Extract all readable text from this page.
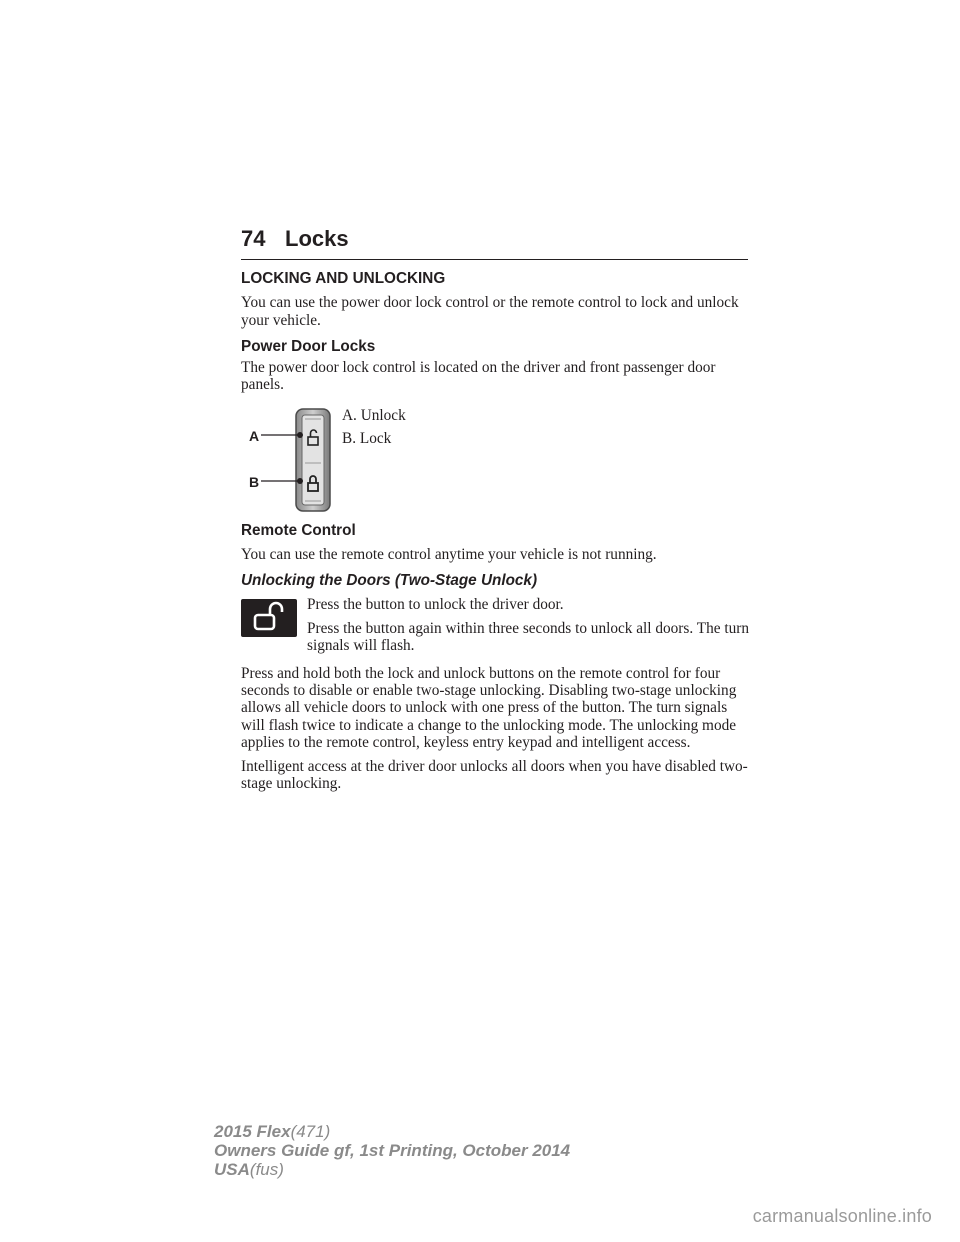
74 Locks
LOCKING AND UNLOCKING

You can use the power door lock control or the remote control to lock and unlock your vehicle.

Power Door Locks

The power door lock control is located on the driver and front passenger door panels.

A
B

A. Unlock

B. Lock

Remote Control

You can use the remote control anytime your vehicle is not running.

Unlocking the Doors (Two-Stage Unlock)

Press the button to unlock the driver door.

Press the button again within three seconds to unlock all doors. The turn signals will flash.

Press and hold both the lock and unlock buttons on the remote control for four seconds to disable or enable two-stage unlocking. Disabling two-stage unlocking allows all vehicle doors to unlock with one press of the button. The turn signals will flash twice to indicate a change to the unlocking mode. The unlocking mode applies to the remote control, keyless entry keypad and intelligent access.

Intelligent access at the driver door unlocks all doors when you have disabled two-stage unlocking.

2015 Flex(471)
Owners Guide gf, 1st Printing, October 2014
USA(fus)
carmanualsonline.info
